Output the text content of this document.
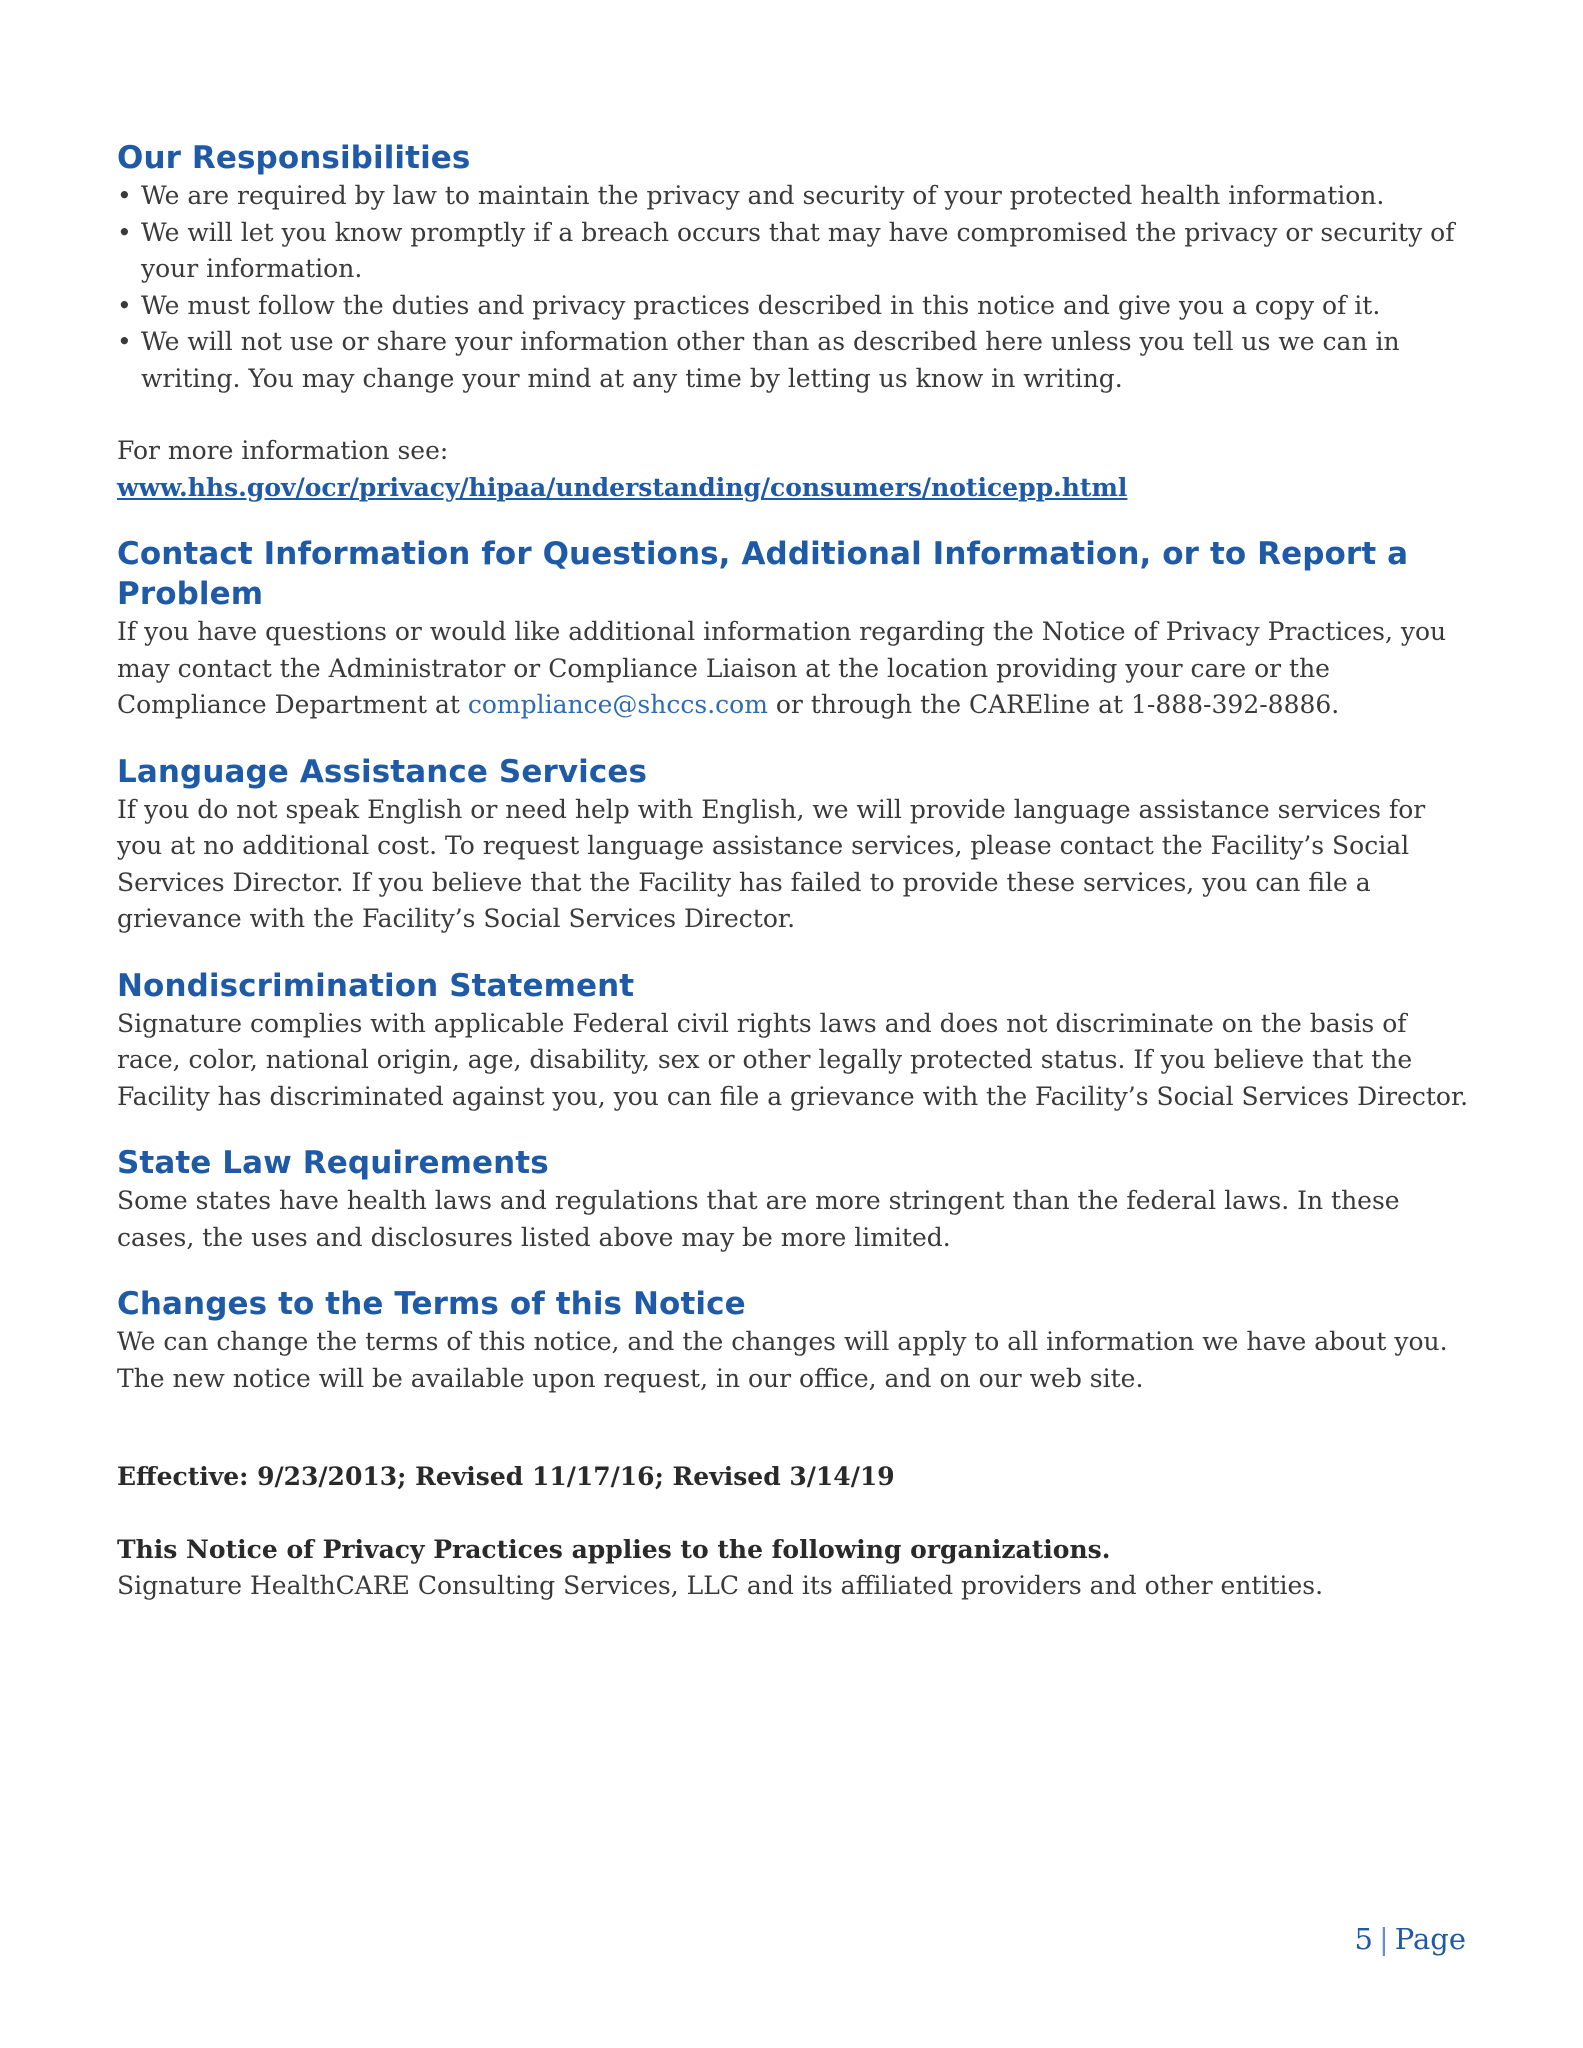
Our Responsibilities
• We are required by law to maintain the privacy and security of your protected health information.
• We will let you know promptly if a breach occurs that may have compromised the privacy or security of your information.
• We must follow the duties and privacy practices described in this notice and give you a copy of it.
• We will not use or share your information other than as described here unless you tell us we can in writing. You may change your mind at any time by letting us know in writing.

For more information see:

www.hhs.gov/ocr/privacy/hipaa/understanding/consumers/noticepp.html

Contact Information for Questions, Additional Information, or to Report a Problem

If you have questions or would like additional information regarding the Notice of Privacy Practices, you may contact the Administrator or Compliance Liaison at the location providing your care or the Compliance Department at compliance@shccs.com or through the CAREline at 1-888-392-8886.

Language Assistance Services

If you do not speak English or need help with English, we will provide language assistance services for you at no additional cost. To request language assistance services, please contact the Facility’s Social Services Director. If you believe that the Facility has failed to provide these services, you can file a grievance with the Facility’s Social Services Director.

Nondiscrimination Statement

Signature complies with applicable Federal civil rights laws and does not discriminate on the basis of race, color, national origin, age, disability, sex or other legally protected status. If you believe that the Facility has discriminated against you, you can file a grievance with the Facility’s Social Services Director.

State Law Requirements

Some states have health laws and regulations that are more stringent than the federal laws. In these cases, the uses and disclosures listed above may be more limited.

Changes to the Terms of this Notice

We can change the terms of this notice, and the changes will apply to all information we have about you. The new notice will be available upon request, in our office, and on our web site.

Effective: 9/23/2013; Revised 11/17/16; Revised 3/14/19

This Notice of Privacy Practices applies to the following organizations.

Signature HealthCARE Consulting Services, LLC and its affiliated providers and other entities.

5 | Page
